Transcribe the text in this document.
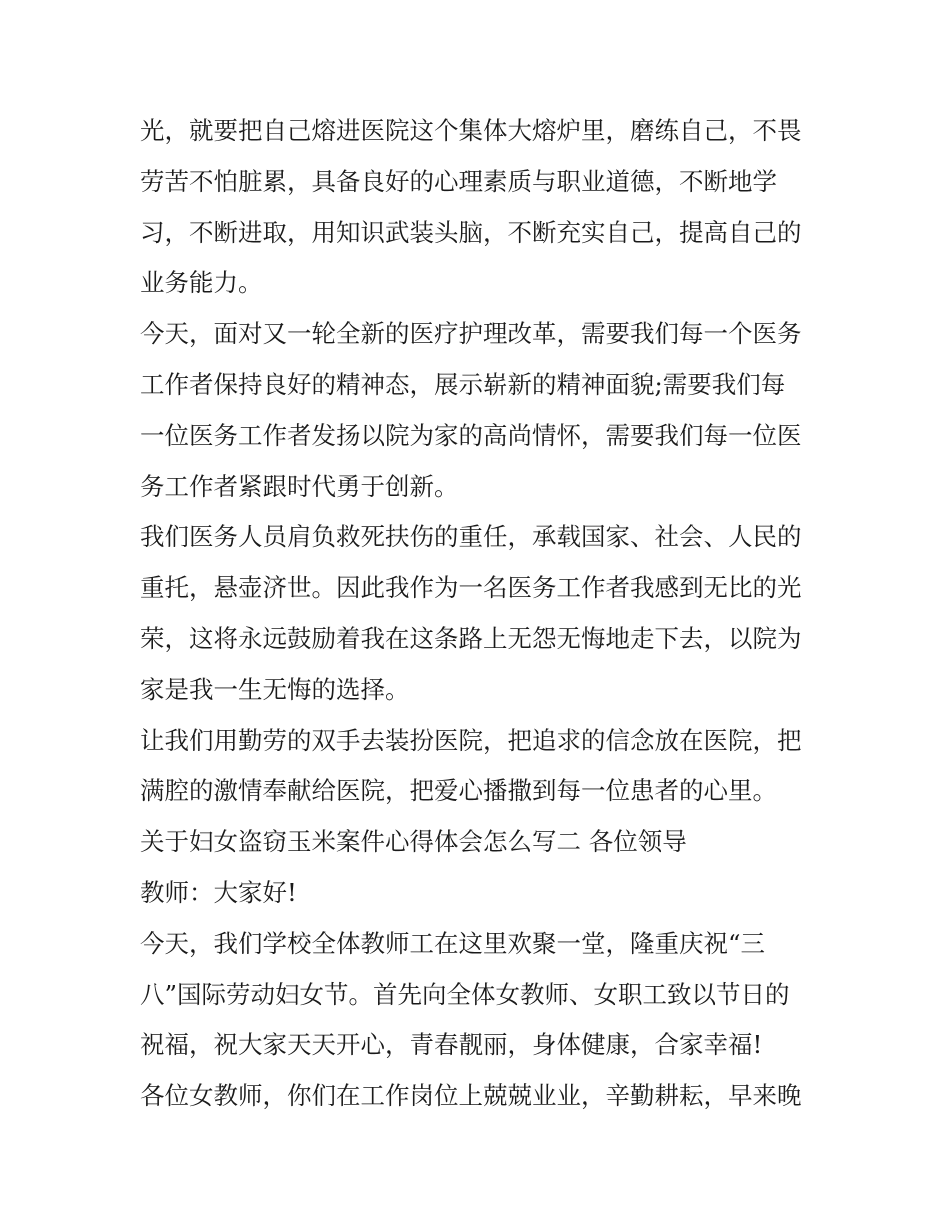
光，就要把自己熔进医院这个集体大熔炉里，磨练自己，不畏
劳苦不怕脏累，具备良好的心理素质与职业道德，不断地学
习，不断进取，用知识武装头脑，不断充实自己，提高自己的
业务能力。
今天，面对又一轮全新的医疗护理改革，需要我们每一个医务
工作者保持良好的精神态，展示崭新的精神面貌;需要我们每
一位医务工作者发扬以院为家的高尚情怀，需要我们每一位医
务工作者紧跟时代勇于创新。
我们医务人员肩负救死扶伤的重任，承载国家、社会、人民的
重托，悬壶济世。因此我作为一名医务工作者我感到无比的光
荣，这将永远鼓励着我在这条路上无怨无悔地走下去，以院为
家是我一生无悔的选择。
让我们用勤劳的双手去装扮医院，把追求的信念放在医院，把
满腔的激情奉献给医院，把爱心播撒到每一位患者的心里。
关于妇女盗窃玉米案件心得体会怎么写二 各位领导
教师：大家好!
今天，我们学校全体教师工在这里欢聚一堂，隆重庆祝“三
八”国际劳动妇女节。首先向全体女教师、女职工致以节日的
祝福，祝大家天天开心，青春靓丽，身体健康，合家幸福!
各位女教师，你们在工作岗位上兢兢业业，辛勤耕耘，早来晚
